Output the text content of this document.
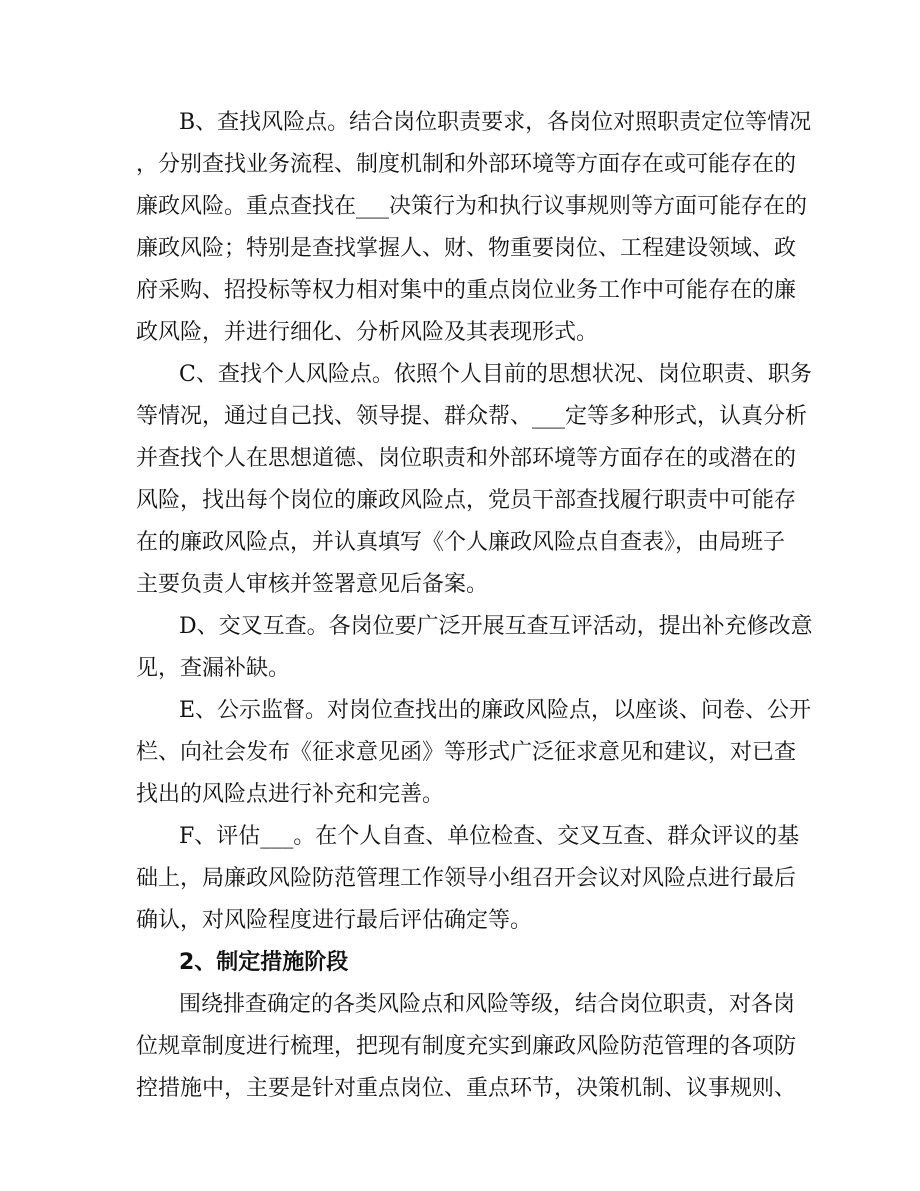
B、查找风险点。结合岗位职责要求，各岗位对照职责定位等情况
，分别查找业务流程、制度机制和外部环境等方面存在或可能存在的
廉政风险。重点查找在___决策行为和执行议事规则等方面可能存在的
廉政风险；特别是查找掌握人、财、物重要岗位、工程建设领域、政
府采购、招投标等权力相对集中的重点岗位业务工作中可能存在的廉
政风险，并进行细化、分析风险及其表现形式。
C、查找个人风险点。依照个人目前的思想状况、岗位职责、职务
等情况，通过自己找、领导提、群众帮、___定等多种形式，认真分析
并查找个人在思想道德、岗位职责和外部环境等方面存在的或潜在的
风险，找出每个岗位的廉政风险点，党员干部查找履行职责中可能存
在的廉政风险点，并认真填写《个人廉政风险点自查表》，由局班子
主要负责人审核并签署意见后备案。
D、交叉互查。各岗位要广泛开展互查互评活动，提出补充修改意
见，查漏补缺。
E、公示监督。对岗位查找出的廉政风险点，以座谈、问卷、公开
栏、向社会发布《征求意见函》等形式广泛征求意见和建议，对已查
找出的风险点进行补充和完善。
F、评估___。在个人自查、单位检查、交叉互查、群众评议的基
础上，局廉政风险防范管理工作领导小组召开会议对风险点进行最后
确认，对风险程度进行最后评估确定等。
2、制定措施阶段
围绕排查确定的各类风险点和风险等级，结合岗位职责，对各岗
位规章制度进行梳理，把现有制度充实到廉政风险防范管理的各项防
控措施中，主要是针对重点岗位、重点环节，决策机制、议事规则、
